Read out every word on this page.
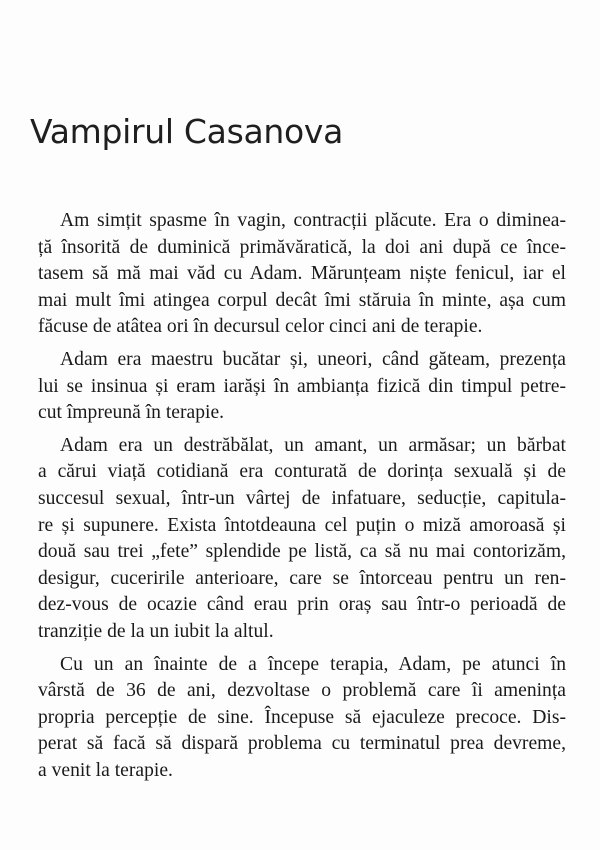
Vampirul Casanova
Am simțit spasme în vagin, contracții plăcute. Era o diminea-
ță însorită de duminică primăvăratică, la doi ani după ce înce-
tasem să mă mai văd cu Adam. Mărunțeam niște fenicul, iar el
mai mult îmi atingea corpul decât îmi stăruia în minte, așa cum
făcuse de atâtea ori în decursul celor cinci ani de terapie.
Adam era maestru bucătar și, uneori, când găteam, prezența
lui se insinua și eram iarăși în ambianța fizică din timpul petre-
cut împreună în terapie.
Adam era un destrăbălat, un amant, un armăsar; un bărbat
a cărui viață cotidiană era conturată de dorința sexuală și de
succesul sexual, într-un vârtej de infatuare, seducție, capitula-
re și supunere. Exista întotdeauna cel puțin o miză amoroasă și
două sau trei „fete” splendide pe listă, ca să nu mai contorizăm,
desigur, cuceririle anterioare, care se întorceau pentru un ren-
dez-vous de ocazie când erau prin oraș sau într-o perioadă de
tranziție de la un iubit la altul.
Cu un an înainte de a începe terapia, Adam, pe atunci în
vârstă de 36 de ani, dezvoltase o problemă care îi amenința
propria percepție de sine. Începuse să ejaculeze precoce. Dis-
perat să facă să dispară problema cu terminatul prea devreme,
a venit la terapie.
